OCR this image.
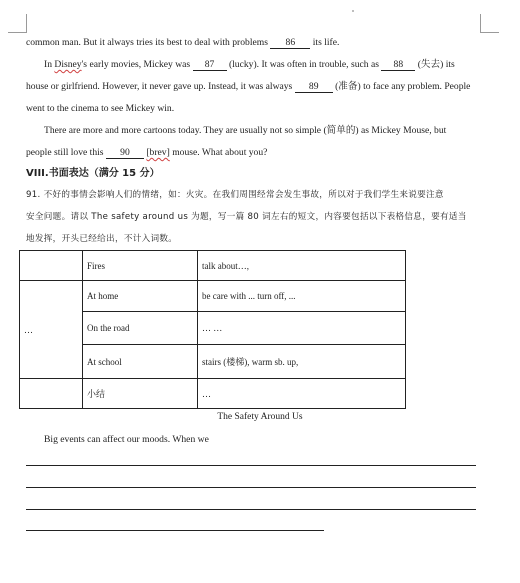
common man. But it always tries its best to deal with problems 86 its life.
In Disney's early movies, Mickey was 87 (lucky). It was often in trouble, such as 88 (失去) its
house or girlfriend. However, it never gave up. Instead, it was always 89 (准备) to face any problem. People
went to the cinema to see Mickey win.
There are more and more cartoons today. They are usually not so simple (简单的) as Mickey Mouse, but
people still love this 90 [brev] mouse. What about you?
VIII.书面表达（满分 15 分）
91. 不好的事情会影响人们的情绪，如：火灾。在我们周围经常会发生事故，所以对于我们学生来说要注意
安全问题。请以 The safety around us 为题，写一篇 80 词左右的短文，内容要包括以下表格信息，要有适当
地发挥，开头已经给出，不计入词数。
	Fires	talk about…,
…	At home	be care with ... turn off, ...
	On the road	… …
	At school	stairs (楼梯), warm sb. up,
	小结	…
The Safety Around Us
Big events can affect our moods. When we
